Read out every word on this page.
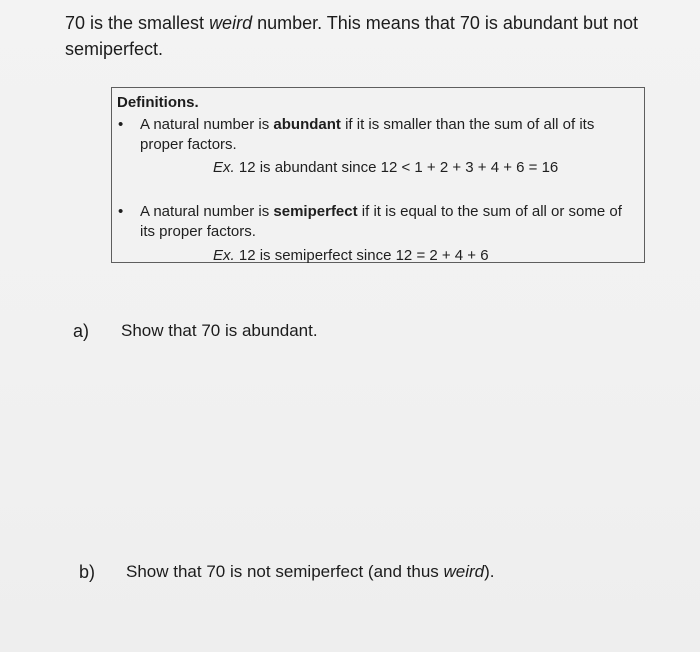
70 is the smallest weird number. This means that 70 is abundant but not semiperfect.
Definitions.
• A natural number is abundant if it is smaller than the sum of all of its proper factors.
Ex. 12 is abundant since 12 < 1 + 2 + 3 + 4 + 6 = 16
• A natural number is semiperfect if it is equal to the sum of all or some of its proper factors.
Ex. 12 is semiperfect since 12 = 2 + 4 + 6
a) Show that 70 is abundant.
b) Show that 70 is not semiperfect (and thus weird).
